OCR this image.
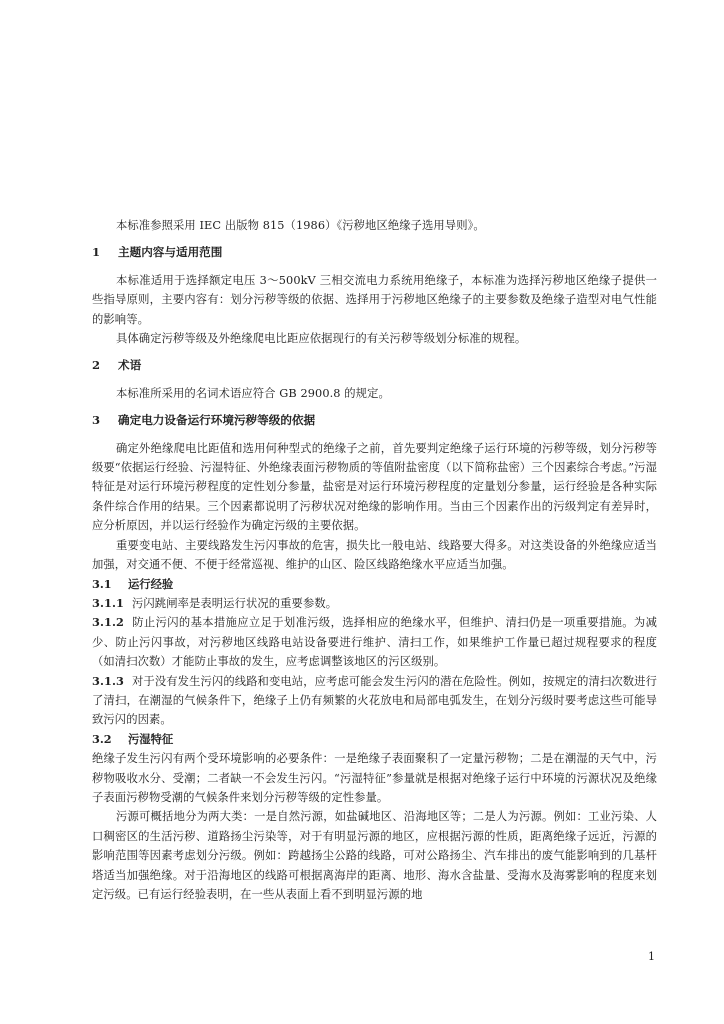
本标准参照采用 IEC 出版物 815（1986）《污秽地区绝缘子选用导则》。

1 主题内容与适用范围

本标准适用于选择额定电压 3～500kV 三相交流电力系统用绝缘子，本标准为选择污秽地区绝缘子提供一些指导原则，主要内容有：划分污秽等级的依据、选择用于污秽地区绝缘子的主要参数及绝缘子造型对电气性能的影响等。

具体确定污秽等级及外绝缘爬电比距应依据现行的有关污秽等级划分标准的规程。

2 术语

本标准所采用的名词术语应符合 GB 2900.8 的规定。

3 确定电力设备运行环境污秽等级的依据

确定外绝缘爬电比距值和选用何种型式的绝缘子之前，首先要判定绝缘子运行环境的污秽等级，划分污秽等级要“依据运行经验、污湿特征、外绝缘表面污秽物质的等值附盐密度（以下简称盐密）三个因素综合考虑。”污湿特征是对运行环境污秽程度的定性划分参量，盐密是对运行环境污秽程度的定量划分参量，运行经验是各种实际条件综合作用的结果。三个因素都说明了污秽状况对绝缘的影响作用。当由三个因素作出的污级判定有差异时，应分析原因，并以运行经验作为确定污级的主要依据。

重要变电站、主要线路发生污闪事故的危害，损失比一般电站、线路要大得多。对这类设备的外绝缘应适当加强，对交通不便、不便于经常巡视、维护的山区、险区线路绝缘水平应适当加强。

3.1 运行经验

3.1.1 污闪跳闸率是表明运行状况的重要参数。

3.1.2 防止污闪的基本措施应立足于划准污级，选择相应的绝缘水平，但维护、清扫仍是一项重要措施。为减少、防止污闪事故，对污秽地区线路电站设备要进行维护、清扫工作，如果维护工作量已超过规程要求的程度（如清扫次数）才能防止事故的发生，应考虑调整该地区的污区级别。

3.1.3 对于没有发生污闪的线路和变电站，应考虑可能会发生污闪的潜在危险性。例如，按规定的清扫次数进行了清扫，在潮湿的气候条件下，绝缘子上仍有频繁的火花放电和局部电弧发生，在划分污级时要考虑这些可能导致污闪的因素。

3.2 污湿特征

绝缘子发生污闪有两个受环境影响的必要条件：一是绝缘子表面聚积了一定量污秽物；二是在潮湿的天气中，污秽物吸收水分、受潮；二者缺一不会发生污闪。“污湿特征”参量就是根据对绝缘子运行中环境的污源状况及绝缘子表面污秽物受潮的气候条件来划分污秽等级的定性参量。

污源可概括地分为两大类：一是自然污源，如盐碱地区、沿海地区等；二是人为污源。例如：工业污染、人口稠密区的生活污秽、道路扬尘污染等，对于有明显污源的地区，应根据污源的性质，距离绝缘子远近，污源的影响范围等因素考虑划分污级。例如：跨越扬尘公路的线路，可对公路扬尘、汽车排出的废气能影响到的几基杆塔适当加强绝缘。对于沿海地区的线路可根据离海岸的距离、地形、海水含盐量、受海水及海雾影响的程度来划定污级。已有运行经验表明，在一些从表面上看不到明显污源的地

1
